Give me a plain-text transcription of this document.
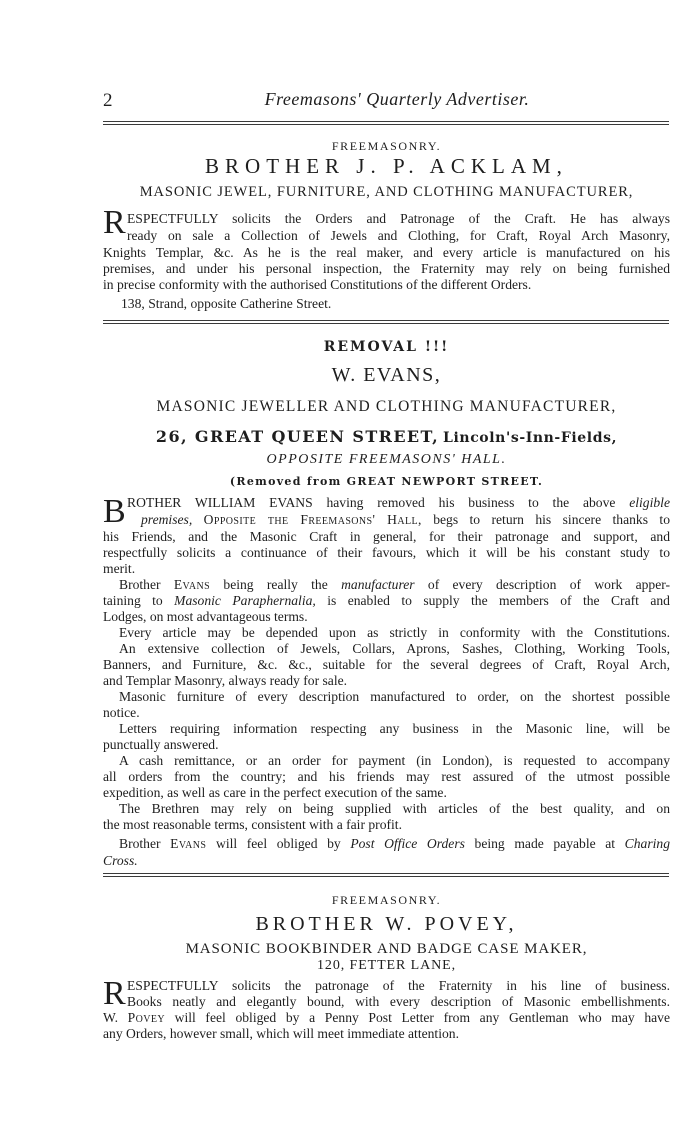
2	Freemasons' Quarterly Advertiser.
FREEMASONRY.
BROTHER J. P. ACKLAM,
MASONIC JEWEL, FURNITURE, AND CLOTHING MANUFACTURER,
R ESPECTFULLY solicits the Orders and Patronage of the Craft. He has always
ready on sale a Collection of Jewels and Clothing, for Craft, Royal Arch Masonry,
Knights Templar, &c. As he is the real maker, and every article is manufactured on his
premises, and under his personal inspection, the Fraternity may rely on being furnished
in precise conformity with the authorised Constitutions of the different Orders.
138, Strand, opposite Catherine Street.
REMOVAL !!!
W. EVANS,
MASONIC JEWELLER AND CLOTHING MANUFACTURER,
26, GREAT QUEEN STREET, Lincoln's-Inn-Fields,
OPPOSITE FREEMASONS' HALL.
(Removed from GREAT NEWPORT STREET.
B ROTHER WILLIAM EVANS having removed his business to the above eligible
premises, Opposite the Freemasons' Hall, begs to return his sincere thanks to
his Friends, and the Masonic Craft in general, for their patronage and support, and
respectfully solicits a continuance of their favours, which it will be his constant study to
merit.
Brother Evans being really the manufacturer of every description of work apper-
taining to Masonic Paraphernalia, is enabled to supply the members of the Craft and
Lodges, on most advantageous terms.
Every article may be depended upon as strictly in conformity with the Constitutions.
An extensive collection of Jewels, Collars, Aprons, Sashes, Clothing, Working Tools,
Banners, and Furniture, &c. &c., suitable for the several degrees of Craft, Royal Arch,
and Templar Masonry, always ready for sale.
Masonic furniture of every description manufactured to order, on the shortest possible
notice.
Letters requiring information respecting any business in the Masonic line, will be
punctually answered.
A cash remittance, or an order for payment (in London), is requested to accompany
all orders from the country; and his friends may rest assured of the utmost possible
expedition, as well as care in the perfect execution of the same.
The Brethren may rely on being supplied with articles of the best quality, and on
the most reasonable terms, consistent with a fair profit.
Brother Evans will feel obliged by Post Office Orders being made payable at Charing
Cross.
FREEMASONRY.
BROTHER W. POVEY,
MASONIC BOOKBINDER AND BADGE CASE MAKER,
120, FETTER LANE,
R ESPECTFULLY solicits the patronage of the Fraternity in his line of business.
Books neatly and elegantly bound, with every description of Masonic embellishments.
W. Povey will feel obliged by a Penny Post Letter from any Gentleman who may have
any Orders, however small, which will meet immediate attention.
